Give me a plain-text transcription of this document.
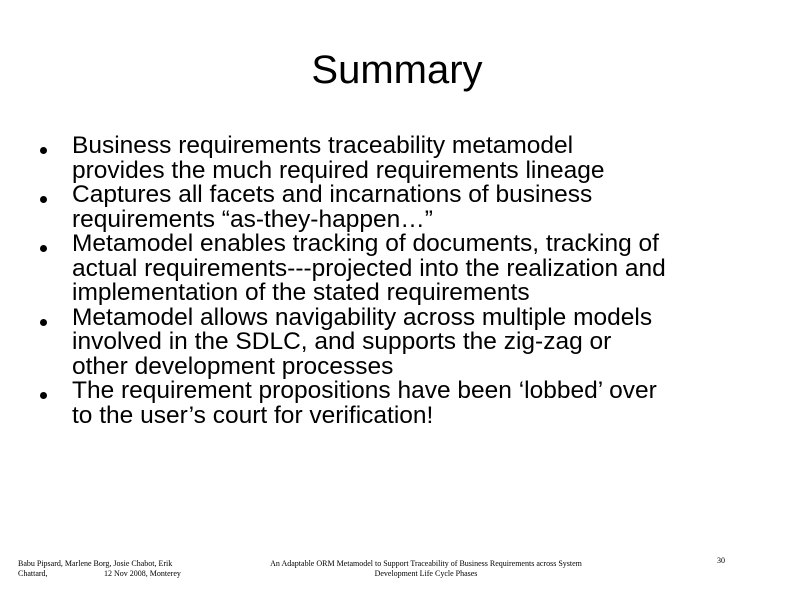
Summary
Business requirements traceability metamodel
provides the much required requirements lineage
Captures all facets and incarnations of business
requirements “as-they-happen…”
Metamodel enables tracking of documents, tracking of
actual requirements---projected into the realization and
implementation of the stated requirements
Metamodel allows navigability across multiple models
involved in the SDLC, and supports the zig-zag or
other development processes
The requirement propositions have been ‘lobbed’ over
to the user’s court for verification!
Babu Pipsard, Marlene Borg, Josie Chabot, Erik
Chattard,	12 Nov 2008, Monterey
An Adaptable ORM Metamodel to Support Traceability of Business Requirements across System
Development Life Cycle Phases
30
